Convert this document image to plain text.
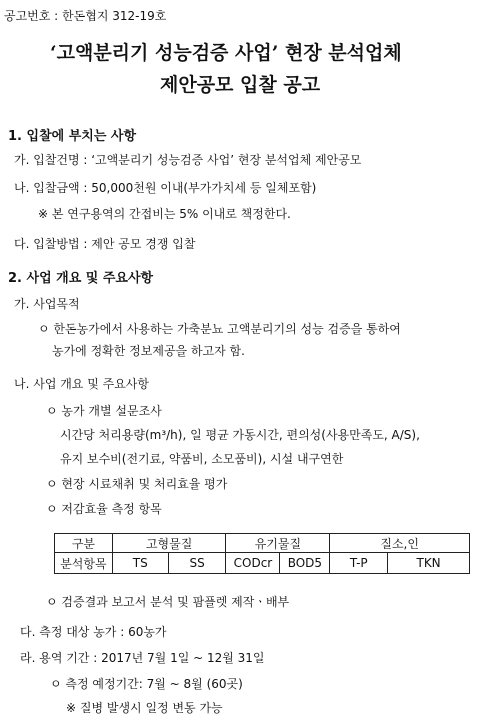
공고번호 : 한돈협지 312-19호
‘고액분리기 성능검증 사업’ 현장 분석업체
제안공모 입찰 공고
1. 입찰에 부치는 사항
가. 입찰건명 : ‘고액분리기 성능검증 사업’ 현장 분석업체 제안공모
나. 입찰금액 : 50,000천원 이내(부가가치세 등 일체포함)
※ 본 연구용역의 간접비는 5% 이내로 책정한다.
다. 입찰방법 : 제안 공모 경쟁 입찰
2. 사업 개요 및 주요사항
가. 사업목적
ㅇ 한돈농가에서 사용하는 가축분뇨 고액분리기의 성능 검증을 통하여
농가에 정확한 정보제공을 하고자 함.
나. 사업 개요 및 주요사항
ㅇ 농가 개별 설문조사
시간당 처리용량(m³/h), 일 평균 가동시간, 편의성(사용만족도, A/S),
유지 보수비(전기료, 약품비, 소모품비), 시설 내구연한
ㅇ 현장 시료채취 및 처리효율 평가
ㅇ 저감효율 측정 항목
구분	고형물질		유기물질		질소,인	
분석항목	TS	SS	CODcr	BOD5	T-P	TKN
ㅇ 검증결과 보고서 분석 및 팜플렛 제작ㆍ배부
다. 측정 대상 농가 : 60농가
라. 용역 기간 : 2017년 7월 1일 ~ 12월 31일
ㅇ 측정 예정기간: 7월 ~ 8월 (60곳)
※ 질병 발생시 일정 변동 가능
